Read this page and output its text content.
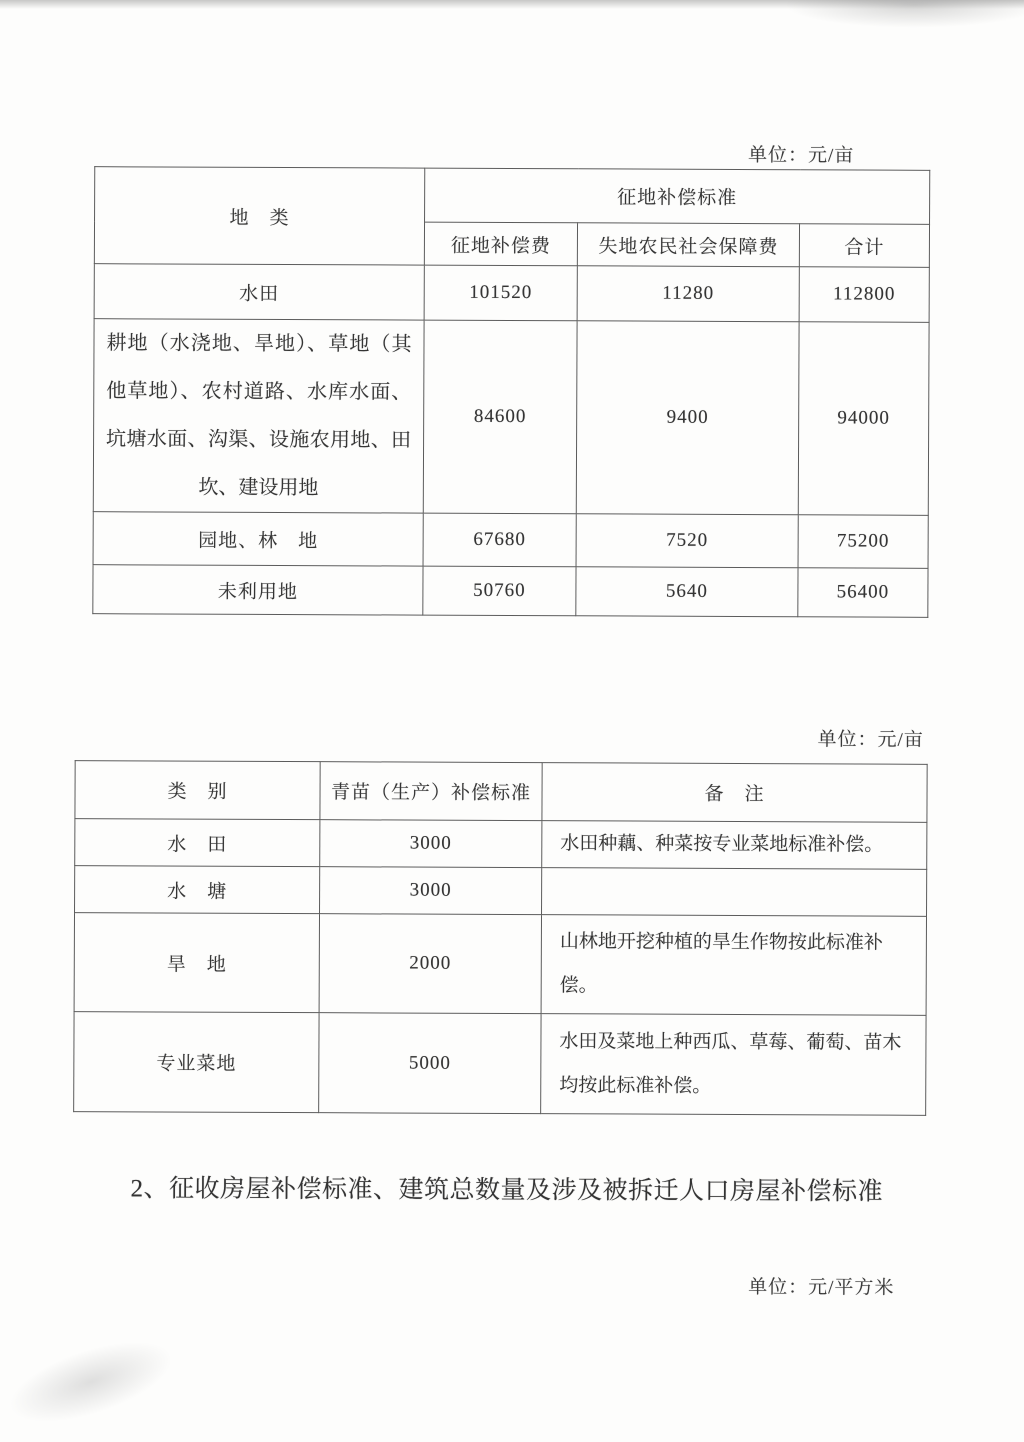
单位：元/亩
地　类	征地补偿标准		
	征地补偿费	失地农民社会保障费	合计
水田	101520	11280	112800
耕地（水浇地、旱地）、草地（其他草地）、农村道路、水库水面、坑塘水面、沟渠、设施农用地、田坎、建设用地	84600	9400	94000
园地、林　地	67680	7520	75200
未利用地	50760	5640	56400
单位：元/亩
类　别	青苗（生产）补偿标准	备　注
水　田	3000	水田种藕、种菜按专业菜地标准补偿。
水　塘	3000	
旱　地	2000	山林地开挖种植的旱生作物按此标准补偿。
专业菜地	5000	水田及菜地上种西瓜、草莓、葡萄、苗木均按此标准补偿。
2、征收房屋补偿标准、建筑总数量及涉及被拆迁人口房屋补偿标准
单位：元/平方米
